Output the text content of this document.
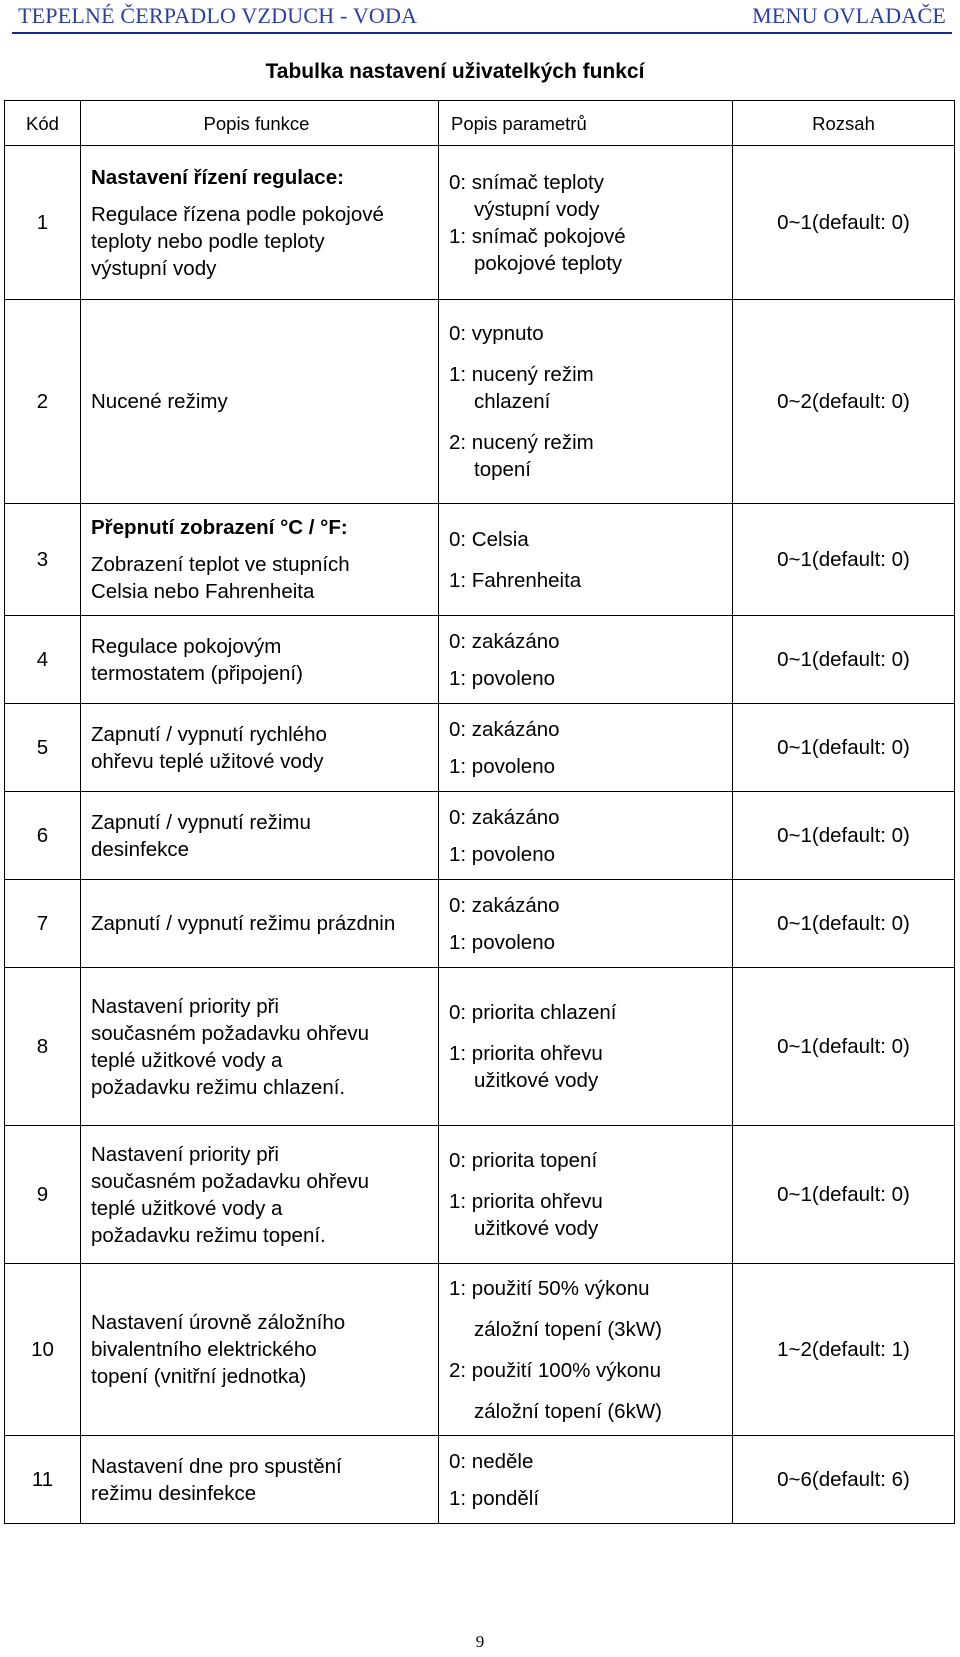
TEPELNÉ ČERPADLO VZDUCH - VODA	MENU OVLADAČE
Tabulka nastavení uživatelkých funkcí
Kód	Popis funkce	Popis parametrů	Rozsah
1	Nastavení řízení regulace:
Regulace řízena podle pokojové
teploty nebo podle teploty
výstupní vody	0: snímač teploty
výstupní vody
1: snímač pokojové
pokojové teploty	0~1(default: 0)
2	Nucené režimy	0: vypnuto
1: nucený režim
chlazení
2: nucený režim
topení	0~2(default: 0)
3	Přepnutí zobrazení °C / °F:
Zobrazení teplot ve stupních
Celsia nebo Fahrenheita	0: Celsia
1: Fahrenheita	0~1(default: 0)
4	Regulace pokojovým
termostatem (připojení)	0: zakázáno
1: povoleno	0~1(default: 0)
5	Zapnutí / vypnutí rychlého
ohřevu teplé užitové vody	0: zakázáno
1: povoleno	0~1(default: 0)
6	Zapnutí / vypnutí režimu
desinfekce	0: zakázáno
1: povoleno	0~1(default: 0)
7	Zapnutí / vypnutí režimu prázdnin	0: zakázáno
1: povoleno	0~1(default: 0)
8	Nastavení priority při
současném požadavku ohřevu
teplé užitkové vody a
požadavku režimu chlazení.	0: priorita chlazení
1: priorita ohřevu
užitkové vody	0~1(default: 0)
9	Nastavení priority při
současném požadavku ohřevu
teplé užitkové vody a
požadavku režimu topení.	0: priorita topení
1: priorita ohřevu
užitkové vody	0~1(default: 0)
10	Nastavení úrovně záložního
bivalentního elektrického
topení (vnitřní jednotka)	1: použití 50% výkonu
záložní topení (3kW)
2: použití 100% výkonu
záložní topení (6kW)	1~2(default: 1)
11	Nastavení dne pro spustění
režimu desinfekce	0: neděle
1: pondělí	0~6(default: 6)
9
